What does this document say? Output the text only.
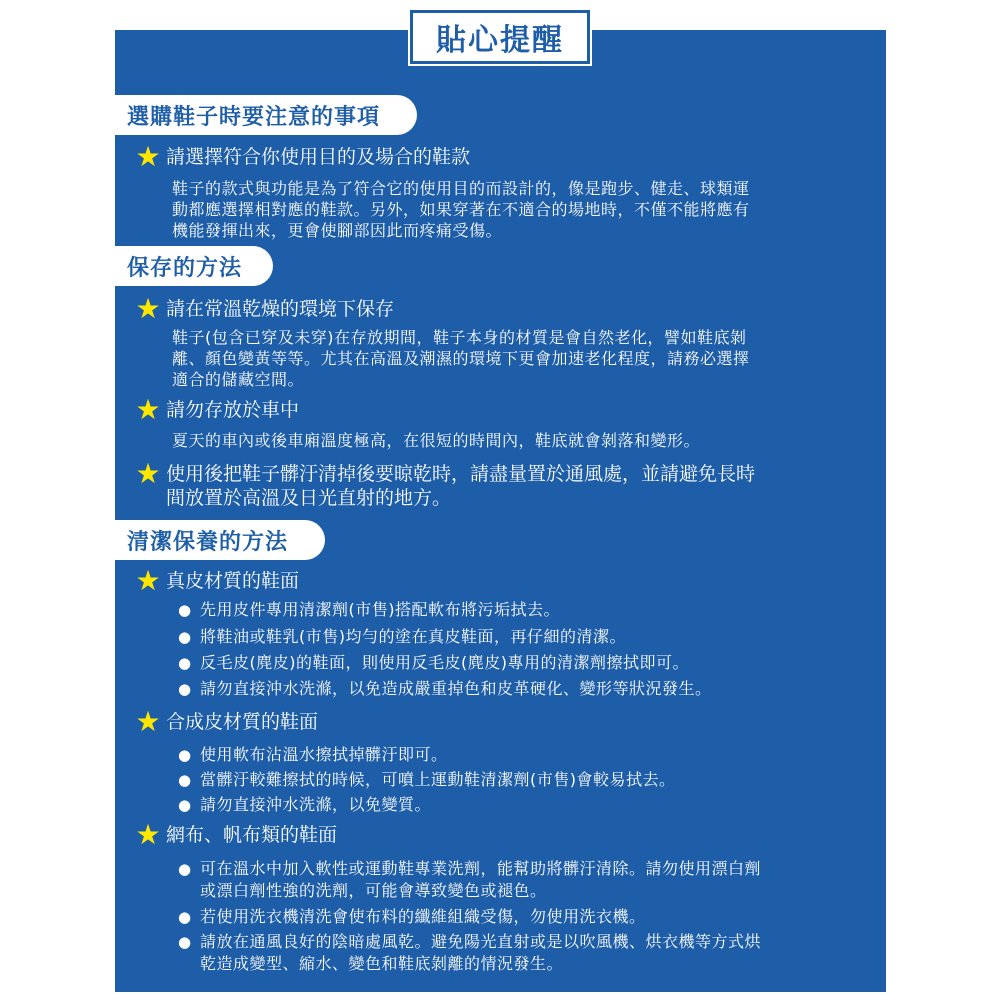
貼心提醒
選購鞋子時要注意的事項
★ 請選擇符合你使用目的及場合的鞋款
鞋子的款式與功能是為了符合它的使用目的而設計的，像是跑步、健走、球類運
動都應選擇相對應的鞋款。另外，如果穿著在不適合的場地時，不僅不能將應有
機能發揮出來，更會使腳部因此而疼痛受傷。
保存的方法
★ 請在常溫乾燥的環境下保存
鞋子(包含已穿及未穿)在存放期間，鞋子本身的材質是會自然老化，譬如鞋底剝
離、顏色變黃等等。尤其在高溫及潮濕的環境下更會加速老化程度，請務必選擇
適合的儲藏空間。
★ 請勿存放於車中
夏天的車內或後車廂溫度極高，在很短的時間內，鞋底就會剝落和變形。
★ 使用後把鞋子髒汙清掉後要晾乾時，請盡量置於通風處，並請避免長時
間放置於高溫及日光直射的地方。
清潔保養的方法
★ 真皮材質的鞋面
● 先用皮件專用清潔劑(市售)搭配軟布將污垢拭去。
● 將鞋油或鞋乳(市售)均勻的塗在真皮鞋面，再仔細的清潔。
● 反毛皮(麂皮)的鞋面，則使用反毛皮(麂皮)專用的清潔劑擦拭即可。
● 請勿直接沖水洗滌，以免造成嚴重掉色和皮革硬化、變形等狀況發生。
★ 合成皮材質的鞋面
● 使用軟布沾溫水擦拭掉髒汙即可。
● 當髒汙較難擦拭的時候，可噴上運動鞋清潔劑(市售)會較易拭去。
● 請勿直接沖水洗滌，以免變質。
★ 網布、帆布類的鞋面
● 可在溫水中加入軟性或運動鞋專業洗劑，能幫助將髒汙清除。請勿使用漂白劑
或漂白劑性強的洗劑，可能會導致變色或褪色。
● 若使用洗衣機清洗會使布料的纖維組織受傷，勿使用洗衣機。
● 請放在通風良好的陰暗處風乾。避免陽光直射或是以吹風機、烘衣機等方式烘
乾造成變型、縮水、變色和鞋底剝離的情況發生。
